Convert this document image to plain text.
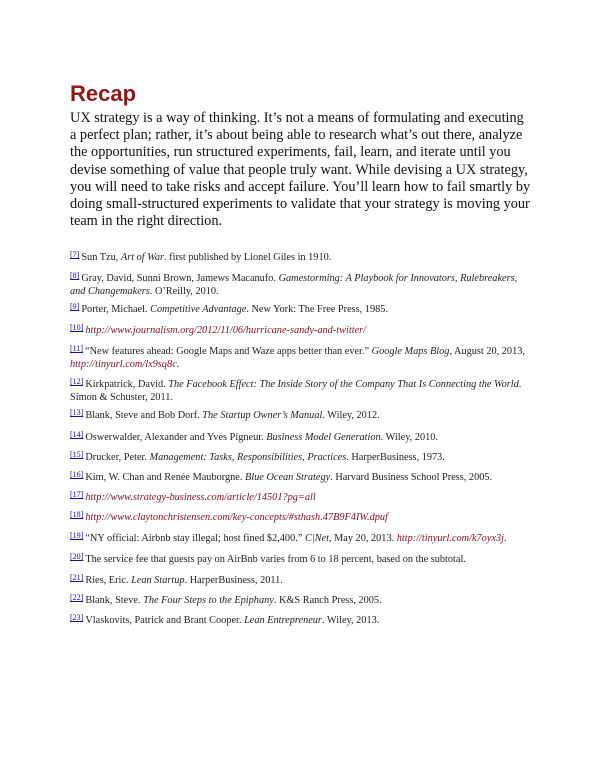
Recap

UX strategy is a way of thinking. It’s not a means of formulating and executing a perfect plan; rather, it’s about being able to research what’s out there, analyze the opportunities, run structured experiments, fail, learn, and iterate until you devise something of value that people truly want. While devising a UX strategy, you will need to take risks and accept failure. You’ll learn how to fail smartly by doing small-structured experiments to validate that your strategy is moving your team in the right direction.

[7] Sun Tzu, Art of War. first published by Lionel Giles in 1910.
[8] Gray, David, Sunni Brown, Jamews Macanufo. Gamestorming: A Playbook for Innovators, Rulebreakers, and Changemakers. O’Reilly, 2010.
[9] Porter, Michael. Competitive Advantage. New York: The Free Press, 1985.
[10] http://www.journalism.org/2012/11/06/hurricane-sandy-and-twitter/
[11] “New features ahead: Google Maps and Waze apps better than ever.” Google Maps Blog, August 20, 2013, http://tinyurl.com/lx9sq8c.
[12] Kirkpatrick, David. The Facebook Effect: The Inside Story of the Company That Is Connecting the World. Simon & Schuster, 2011.
[13] Blank, Steve and Bob Dorf. The Startup Owner’s Manual. Wiley, 2012.
[14] Oswerwalder, Alexander and Yves Pigneur. Business Model Generation. Wiley, 2010.
[15] Drucker, Peter. Management: Tasks, Responsibilities, Practices. HarperBusiness, 1973.
[16] Kim, W. Chan and Renée Mauborgne. Blue Ocean Strategy. Harvard Business School Press, 2005.
[17] http://www.strategy-business.com/article/14501?pg=all
[18] http://www.claytonchristensen.com/key-concepts/#sthash.47B9F4IW.dpuf
[19] “NY official: Airbnb stay illegal; host fined $2,400.” C|Net, May 20, 2013. http://tinyurl.com/k7oyx3j.
[20] The service fee that guests pay on AirBnb varies from 6 to 18 percent, based on the subtotal.
[21] Ries, Eric. Lean Startup. HarperBusiness, 2011.
[22] Blank, Steve. The Four Steps to the Epiphany. K&S Ranch Press, 2005.
[23] Vlaskovits, Patrick and Brant Cooper. Lean Entrepreneur. Wiley, 2013.
